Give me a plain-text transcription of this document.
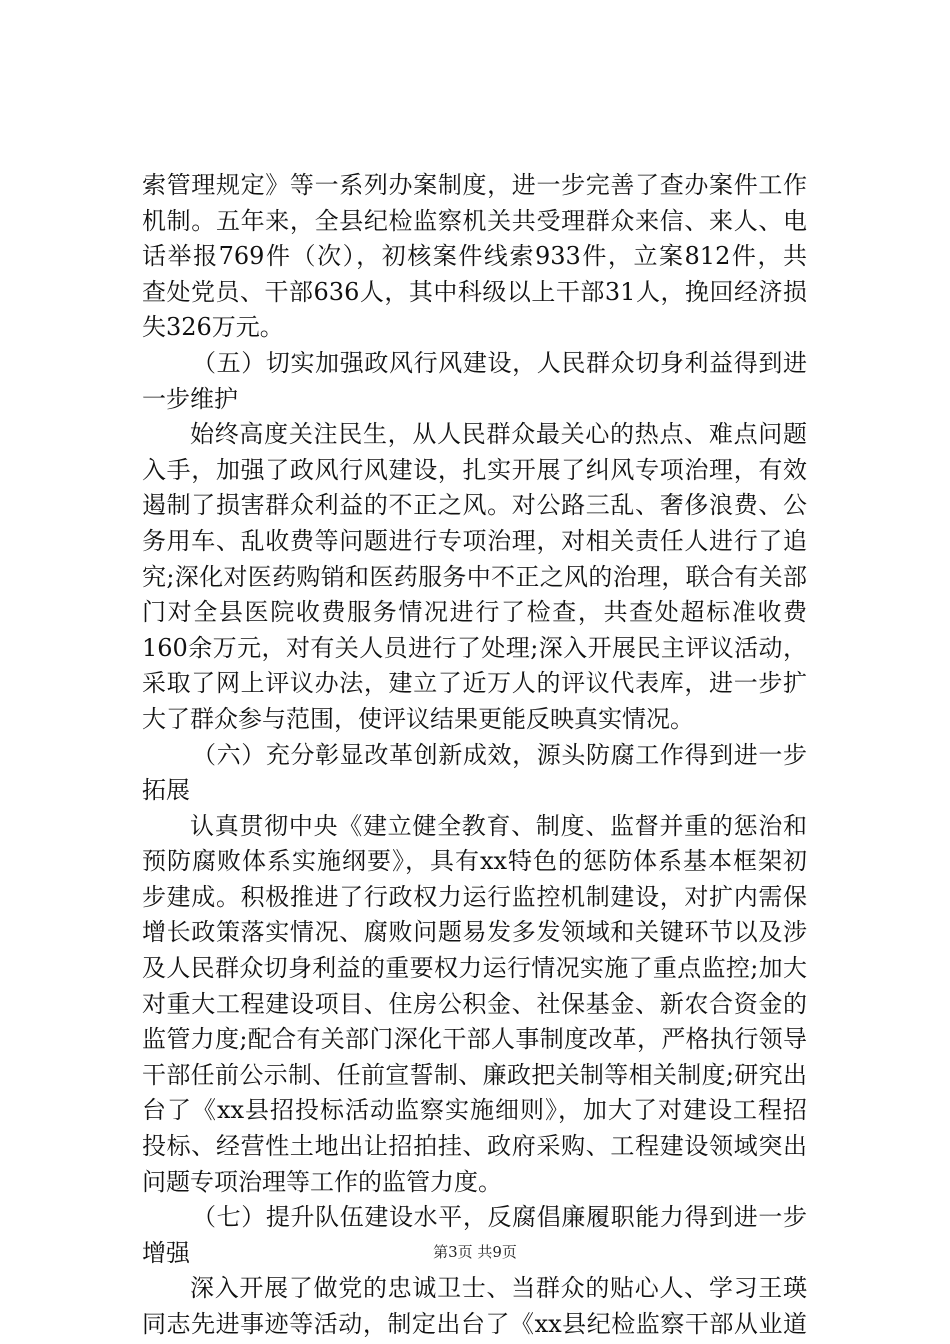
索管理规定》等一系列办案制度，进一步完善了查办案件工作
机制。五年来，全县纪检监察机关共受理群众来信、来人、电
话举报769件（次），初核案件线索933件，立案812件，共
查处党员、干部636人，其中科级以上干部31人，挽回经济损
失326万元。
（五）切实加强政风行风建设，人民群众切身利益得到进
一步维护
始终高度关注民生，从人民群众最关心的热点、难点问题
入手，加强了政风行风建设，扎实开展了纠风专项治理，有效
遏制了损害群众利益的不正之风。对公路三乱、奢侈浪费、公
务用车、乱收费等问题进行专项治理，对相关责任人进行了追
究;深化对医药购销和医药服务中不正之风的治理，联合有关部
门对全县医院收费服务情况进行了检查，共查处超标准收费
160余万元，对有关人员进行了处理;深入开展民主评议活动，
采取了网上评议办法，建立了近万人的评议代表库，进一步扩
大了群众参与范围，使评议结果更能反映真实情况。
（六）充分彰显改革创新成效，源头防腐工作得到进一步
拓展
认真贯彻中央《建立健全教育、制度、监督并重的惩治和
预防腐败体系实施纲要》，具有xx特色的惩防体系基本框架初
步建成。积极推进了行政权力运行监控机制建设，对扩内需保
增长政策落实情况、腐败问题易发多发领域和关键环节以及涉
及人民群众切身利益的重要权力运行情况实施了重点监控;加大
对重大工程建设项目、住房公积金、社保基金、新农合资金的
监管力度;配合有关部门深化干部人事制度改革，严格执行领导
干部任前公示制、任前宣誓制、廉政把关制等相关制度;研究出
台了《xx县招投标活动监察实施细则》，加大了对建设工程招
投标、经营性土地出让招拍挂、政府采购、工程建设领域突出
问题专项治理等工作的监管力度。
（七）提升队伍建设水平，反腐倡廉履职能力得到进一步
增强
深入开展了做党的忠诚卫士、当群众的贴心人、学习王瑛
同志先进事迹等活动，制定出台了《xx县纪检监察干部从业道
第3页 共9页
